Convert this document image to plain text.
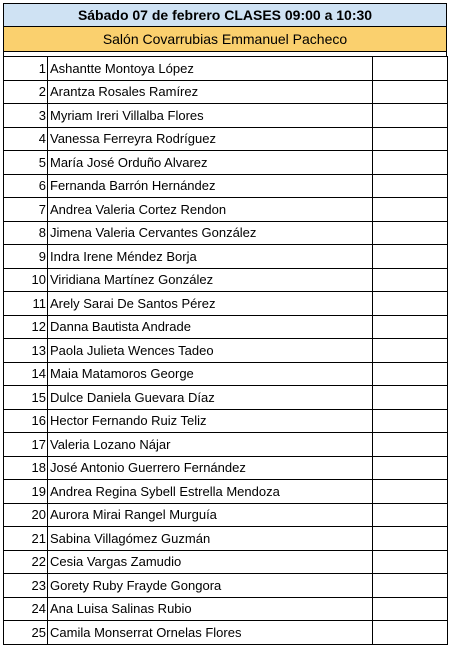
Sábado 07 de febrero CLASES 09:00 a 10:30
Salón Covarrubias Emmanuel Pacheco
1	Ashantte Montoya López	
2	Arantza Rosales Ramírez	
3	Myriam Ireri Villalba Flores	
4	Vanessa Ferreyra Rodríguez	
5	María José Orduño Alvarez	
6	Fernanda Barrón Hernández	
7	Andrea Valeria Cortez Rendon	
8	Jimena Valeria Cervantes González	
9	Indra Irene Méndez Borja	
10	Viridiana Martínez González	
11	Arely Sarai De Santos Pérez	
12	Danna Bautista Andrade	
13	Paola Julieta Wences Tadeo	
14	Maia Matamoros George	
15	Dulce Daniela Guevara Díaz	
16	Hector Fernando Ruiz Teliz	
17	Valeria Lozano Nájar	
18	José Antonio Guerrero Fernández	
19	Andrea Regina Sybell Estrella Mendoza	
20	Aurora Mirai Rangel Murguía	
21	Sabina Villagómez Guzmán	
22	Cesia Vargas Zamudio	
23	Gorety Ruby Frayde Gongora	
24	Ana Luisa Salinas Rubio	
25	Camila Monserrat Ornelas Flores	
